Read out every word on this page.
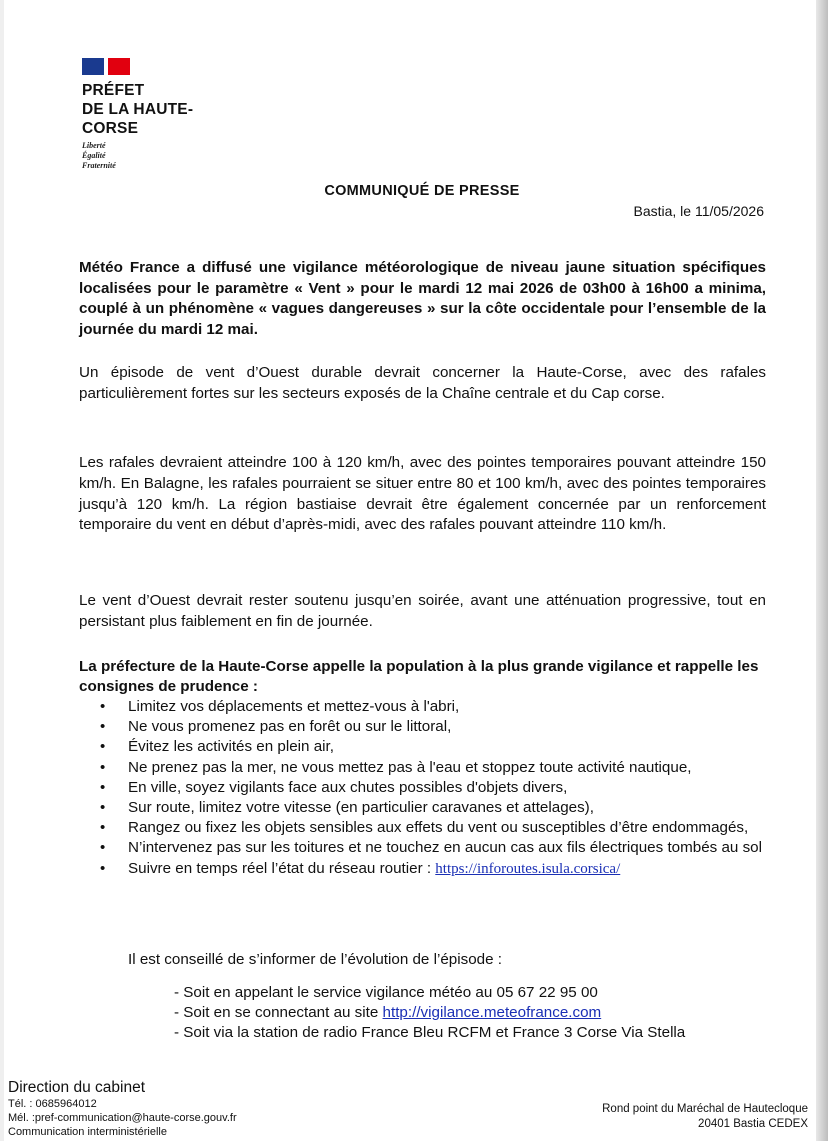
PRÉFET
DE LA HAUTE-
CORSE
Liberté
Égalité
Fraternité
COMMUNIQUÉ DE PRESSE
Bastia, le 11/05/2026
Météo France a diffusé une vigilance météorologique de niveau jaune situation spécifiques localisées pour le paramètre « Vent » pour le mardi 12 mai 2026 de 03h00 à 16h00 a minima, couplé à un phénomène « vagues dangereuses » sur la côte occidentale pour l’ensemble de la journée du mardi 12 mai.
Un épisode de vent d’Ouest durable devrait concerner la Haute-Corse, avec des rafales particulièrement fortes sur les secteurs exposés de la Chaîne centrale et du Cap corse.
Les rafales devraient atteindre 100 à 120 km/h, avec des pointes temporaires pouvant atteindre 150 km/h. En Balagne, les rafales pourraient se situer entre 80 et 100 km/h, avec des pointes temporaires jusqu’à 120 km/h. La région bastiaise devrait être également concernée par un renforcement temporaire du vent en début d’après-midi, avec des rafales pouvant atteindre 110 km/h.
Le vent d’Ouest devrait rester soutenu jusqu’en soirée, avant une atténuation progressive, tout en persistant plus faiblement en fin de journée.
La préfecture de la Haute-Corse appelle la population à la plus grande vigilance et rappelle les consignes de prudence :
• Limitez vos déplacements et mettez-vous à l'abri,
• Ne vous promenez pas en forêt ou sur le littoral,
• Évitez les activités en plein air,
• Ne prenez pas la mer, ne vous mettez pas à l'eau et stoppez toute activité nautique,
• En ville, soyez vigilants face aux chutes possibles d'objets divers,
• Sur route, limitez votre vitesse (en particulier caravanes et attelages),
• Rangez ou fixez les objets sensibles aux effets du vent ou susceptibles d’être endommagés,
• N’intervenez pas sur les toitures et ne touchez en aucun cas aux fils électriques tombés au sol
• Suivre en temps réel l’état du réseau routier : https://inforoutes.isula.corsica/
Il est conseillé de s’informer de l’évolution de l’épisode :
- Soit en appelant le service vigilance météo au 05 67 22 95 00
- Soit en se connectant au site http://vigilance.meteofrance.com
- Soit via la station de radio France Bleu RCFM et France 3 Corse Via Stella
Direction du cabinet
Tél. : 0685964012
Mél. :pref-communication@haute-corse.gouv.fr
Communication interministérielle
Rond point du Maréchal de Hautecloque
20401 Bastia CEDEX
